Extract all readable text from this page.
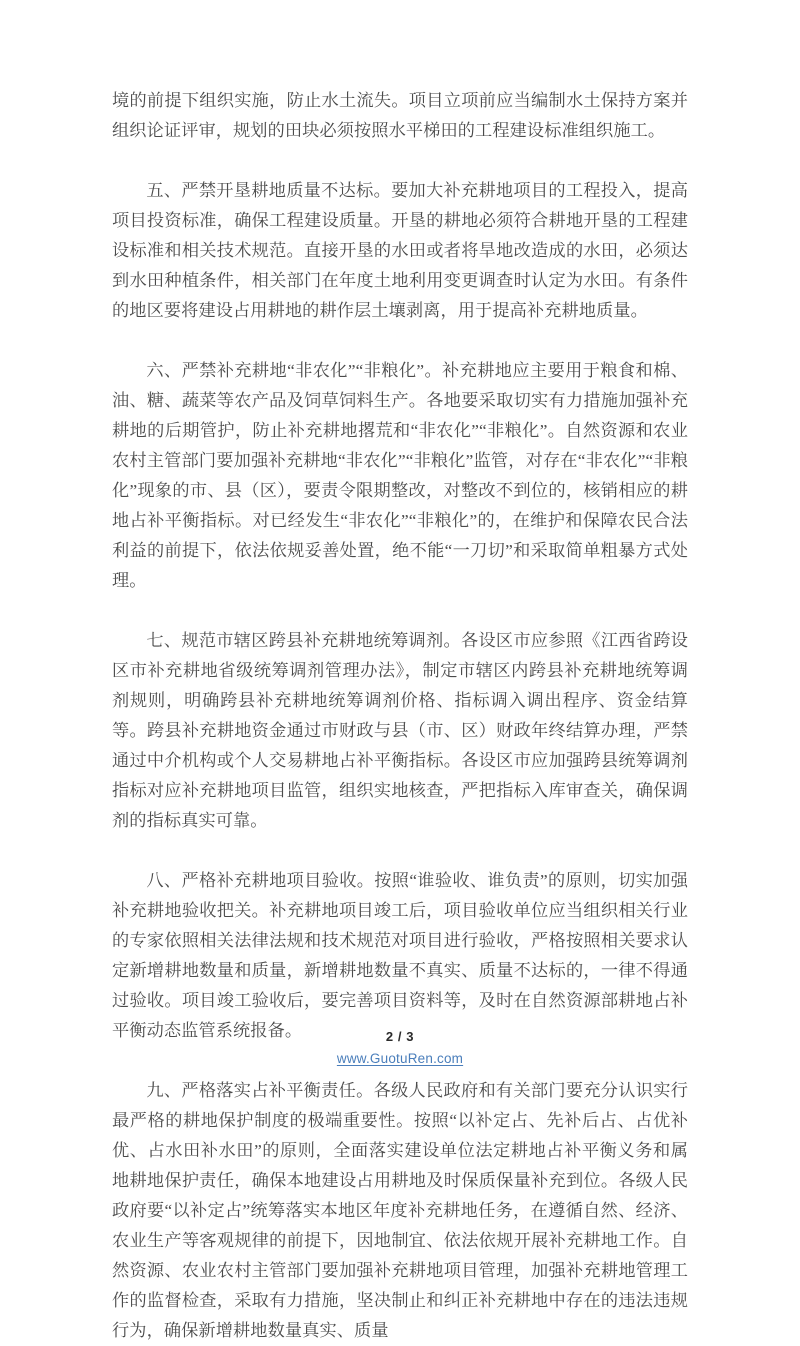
境的前提下组织实施，防止水土流失。项目立项前应当编制水土保持方案并组织论证评审，规划的田块必须按照水平梯田的工程建设标准组织施工。

五、严禁开垦耕地质量不达标。要加大补充耕地项目的工程投入，提高项目投资标准，确保工程建设质量。开垦的耕地必须符合耕地开垦的工程建设标准和相关技术规范。直接开垦的水田或者将旱地改造成的水田，必须达到水田种植条件，相关部门在年度土地利用变更调查时认定为水田。有条件的地区要将建设占用耕地的耕作层土壤剥离，用于提高补充耕地质量。

六、严禁补充耕地“非农化”“非粮化”。补充耕地应主要用于粮食和棉、油、糖、蔬菜等农产品及饲草饲料生产。各地要采取切实有力措施加强补充耕地的后期管护，防止补充耕地撂荒和“非农化”“非粮化”。自然资源和农业农村主管部门要加强补充耕地“非农化”“非粮化”监管，对存在“非农化”“非粮化”现象的市、县（区），要责令限期整改，对整改不到位的，核销相应的耕地占补平衡指标。对已经发生“非农化”“非粮化”的，在维护和保障农民合法利益的前提下，依法依规妥善处置，绝不能“一刀切”和采取简单粗暴方式处理。

七、规范市辖区跨县补充耕地统筹调剂。各设区市应参照《江西省跨设区市补充耕地省级统筹调剂管理办法》，制定市辖区内跨县补充耕地统筹调剂规则，明确跨县补充耕地统筹调剂价格、指标调入调出程序、资金结算等。跨县补充耕地资金通过市财政与县（市、区）财政年终结算办理，严禁通过中介机构或个人交易耕地占补平衡指标。各设区市应加强跨县统筹调剂指标对应补充耕地项目监管，组织实地核查，严把指标入库审查关，确保调剂的指标真实可靠。

八、严格补充耕地项目验收。按照“谁验收、谁负责”的原则，切实加强补充耕地验收把关。补充耕地项目竣工后，项目验收单位应当组织相关行业的专家依照相关法律法规和技术规范对项目进行验收，严格按照相关要求认定新增耕地数量和质量，新增耕地数量不真实、质量不达标的，一律不得通过验收。项目竣工验收后，要完善项目资料等，及时在自然资源部耕地占补平衡动态监管系统报备。

九、严格落实占补平衡责任。各级人民政府和有关部门要充分认识实行最严格的耕地保护制度的极端重要性。按照“以补定占、先补后占、占优补优、占水田补水田”的原则，全面落实建设单位法定耕地占补平衡义务和属地耕地保护责任，确保本地建设占用耕地及时保质保量补充到位。各级人民政府要“以补定占”统筹落实本地区年度补充耕地任务，在遵循自然、经济、农业生产等客观规律的前提下，因地制宜、依法依规开展补充耕地工作。自然资源、农业农村主管部门要加强补充耕地项目管理，加强补充耕地管理工作的监督检查，采取有力措施，坚决制止和纠正补充耕地中存在的违法违规行为，确保新增耕地数量真实、质量

2 / 3
www.GuotuRen.com
